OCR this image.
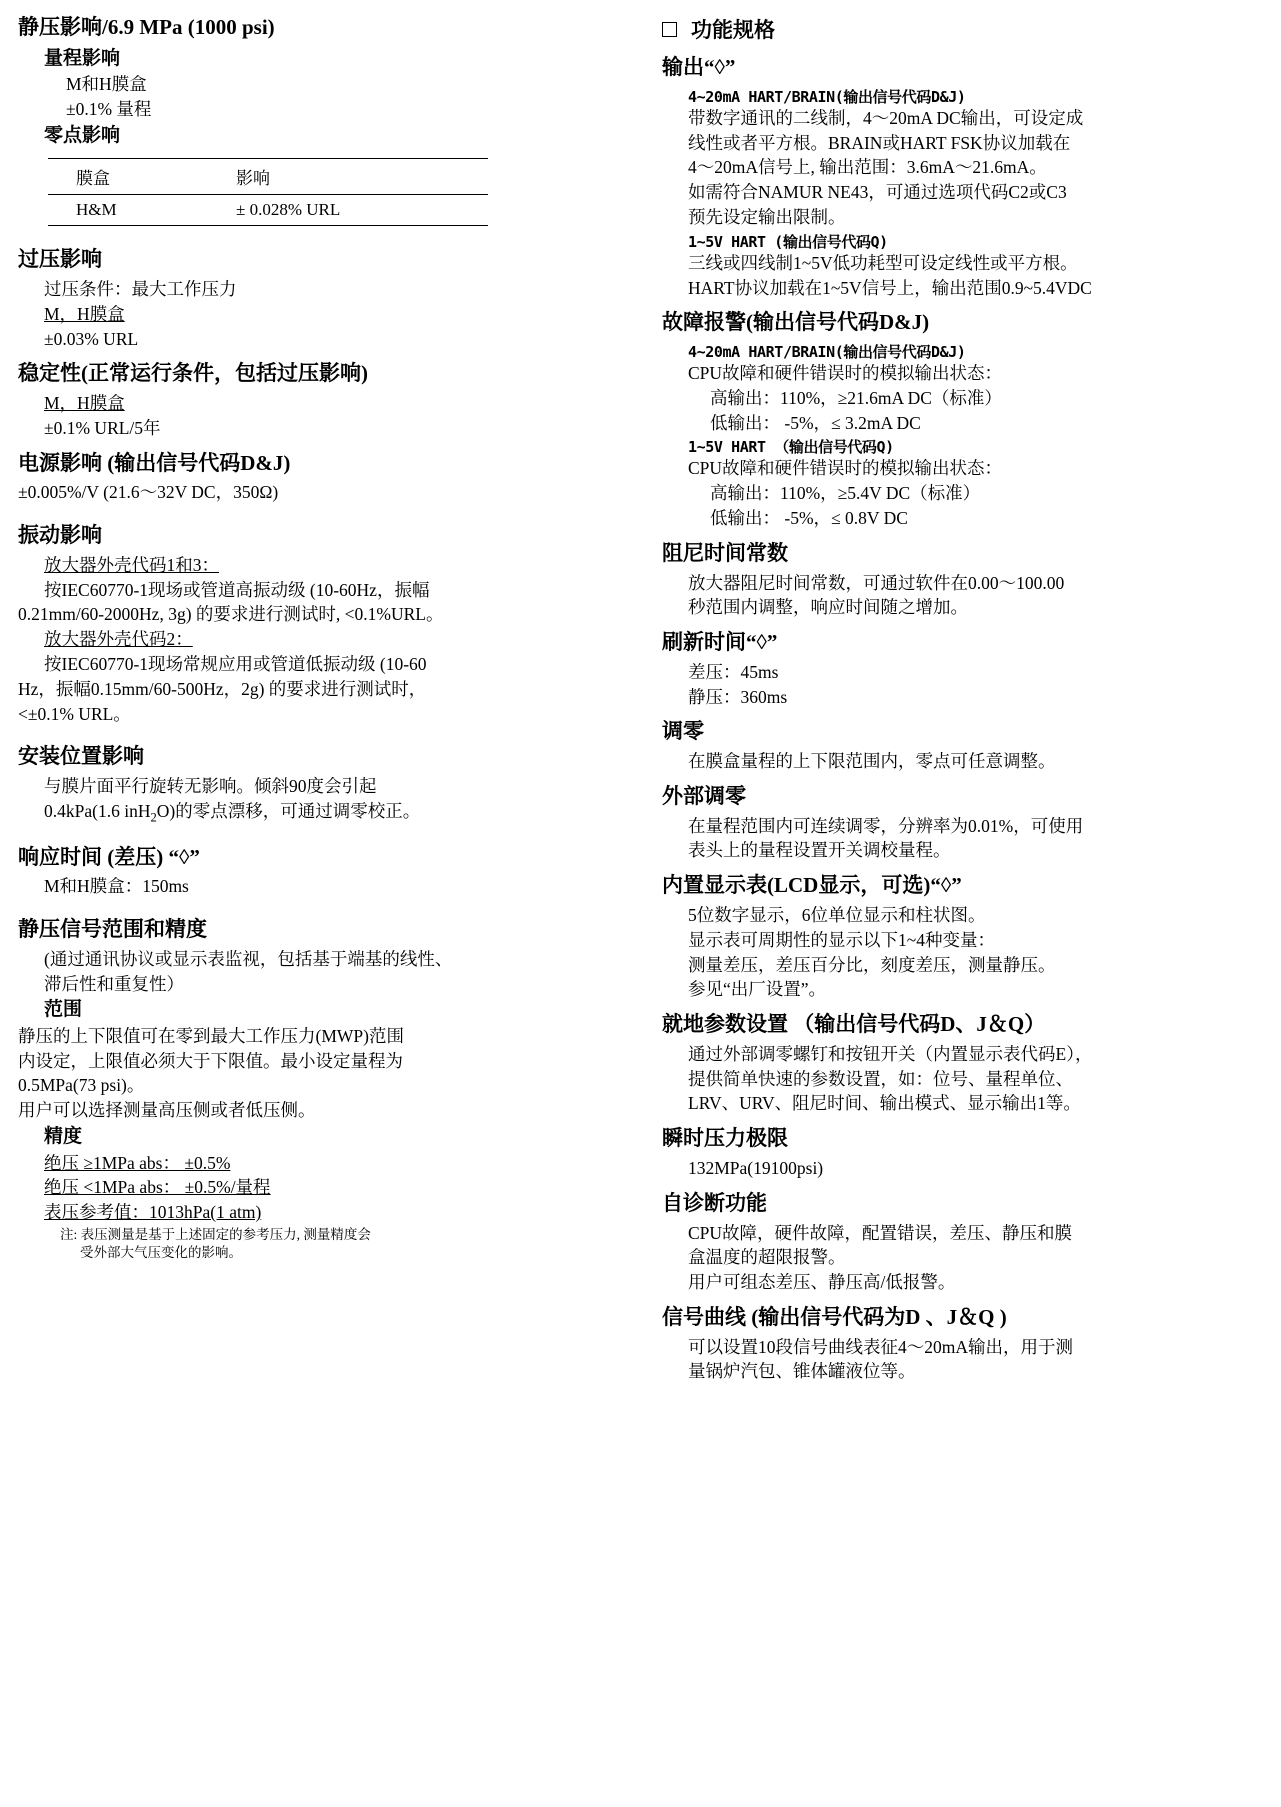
静压影响/6.9 MPa (1000 psi)
量程影响
M和H膜盒
±0.1% 量程
零点影响
膜盒	影响
H&M	± 0.028% URL
过压影响
过压条件：最大工作压力
M，H膜盒
±0.03% URL
稳定性(正常运行条件，包括过压影响)
M，H膜盒
±0.1% URL/5年
电源影响 (输出信号代码D&J)
±0.005%/V (21.6～32V DC，350Ω)
振动影响
放大器外壳代码1和3：
按IEC60770-1现场或管道高振动级 (10-60Hz，振幅
0.21mm/60-2000Hz, 3g) 的要求进行测试时, <0.1%URL。
放大器外壳代码2：
按IEC60770-1现场常规应用或管道低振动级 (10-60
Hz，振幅0.15mm/60-500Hz，2g) 的要求进行测试时，
<±0.1% URL。
安装位置影响
与膜片面平行旋转无影响。倾斜90度会引起
0.4kPa(1.6 inH$_2$O)的零点漂移，可通过调零校正。
响应时间 (差压) “◊”
M和H膜盒：150ms
静压信号范围和精度
(通过通讯协议或显示表监视，包括基于端基的线性、
滞后性和重复性）
范围
静压的上下限值可在零到最大工作压力(MWP)范围
内设定，上限值必须大于下限值。最小设定量程为
0.5MPa(73 psi)。
用户可以选择测量高压侧或者低压侧。
精度
绝压 ≥1MPa abs： ±0.5%
绝压 <1MPa abs： ±0.5%/量程
表压参考值：1013hPa(1 atm)
注: 表压测量是基于上述固定的参考压力, 测量精度会
受外部大气压变化的影响。
功能规格
输出“◊”
4~20mA HART/BRAIN(输出信号代码D&J)
带数字通讯的二线制，4～20mA DC输出，可设定成
线性或者平方根。BRAIN或HART FSK协议加载在
4～20mA信号上, 输出范围：3.6mA～21.6mA。
如需符合NAMUR NE43，可通过选项代码C2或C3
预先设定输出限制。
1~5V HART (输出信号代码Q)
三线或四线制1~5V低功耗型可设定线性或平方根。
HART协议加载在1~5V信号上，输出范围0.9~5.4VDC
故障报警(输出信号代码D&J)
4~20mA HART/BRAIN(输出信号代码D&J)
CPU故障和硬件错误时的模拟输出状态：
高输出：110%，≥21.6mA DC（标准）
低输出： -5%，≤ 3.2mA DC
1~5V HART （输出信号代码Q)
CPU故障和硬件错误时的模拟输出状态：
高输出：110%，≥5.4V DC（标准）
低输出： -5%，≤ 0.8V DC
阻尼时间常数
放大器阻尼时间常数，可通过软件在0.00～100.00
秒范围内调整，响应时间随之增加。
刷新时间“◊”
差压：45ms
静压：360ms
调零
在膜盒量程的上下限范围内，零点可任意调整。
外部调零
在量程范围内可连续调零，分辨率为0.01%，可使用
表头上的量程设置开关调校量程。
内置显示表(LCD显示，可选)“◊”
5位数字显示，6位单位显示和柱状图。
显示表可周期性的显示以下1~4种变量：
测量差压，差压百分比，刻度差压，测量静压。
参见“出厂设置”。
就地参数设置 （输出信号代码D、J＆Q）
通过外部调零螺钉和按钮开关（内置显示表代码E），
提供简单快速的参数设置，如：位号、量程单位、
LRV、URV、阻尼时间、输出模式、显示输出1等。
瞬时压力极限
132MPa(19100psi)
自诊断功能
CPU故障，硬件故障，配置错误，差压、静压和膜
盒温度的超限报警。
用户可组态差压、静压高/低报警。
信号曲线 (输出信号代码为D 、J＆Q )
可以设置10段信号曲线表征4～20mA输出，用于测
量锅炉汽包、锥体罐液位等。
